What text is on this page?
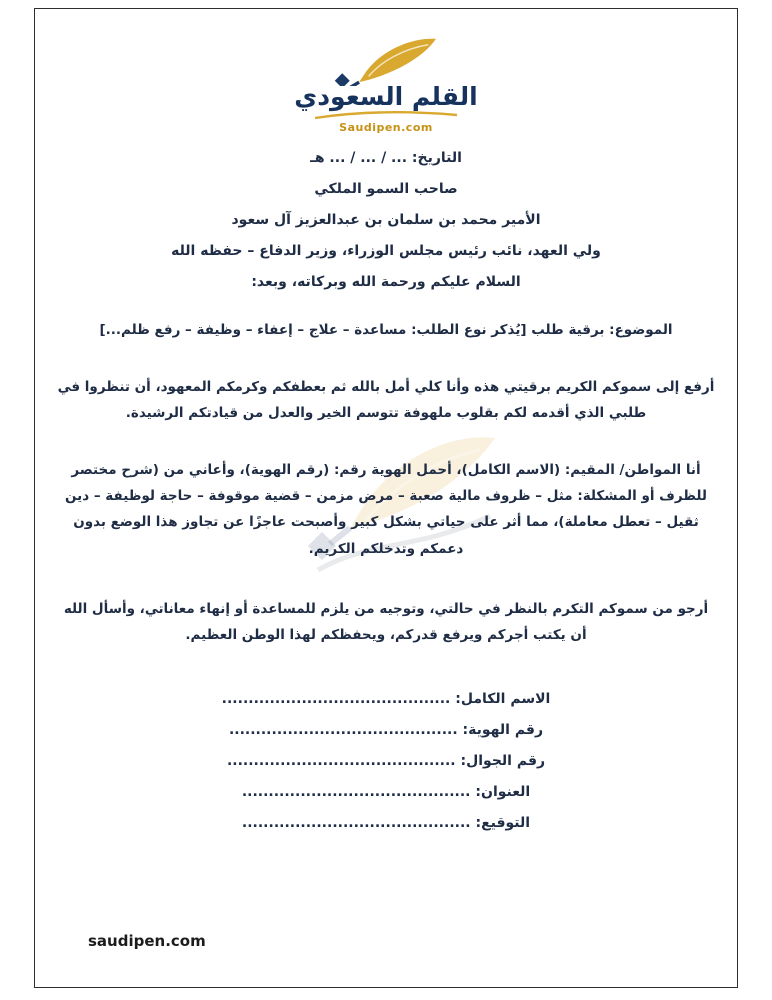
القلم السعودي
Saudipen.com
التاريخ: ... / ... / ... هـ
صاحب السمو الملكي
الأمير محمد بن سلمان بن عبدالعزيز آل سعود
ولي العهد، نائب رئيس مجلس الوزراء، وزير الدفاع – حفظه الله
السلام عليكم ورحمة الله وبركاته، وبعد:
الموضوع: برقية طلب [يُذكر نوع الطلب: مساعدة – علاج – إعفاء – وظيفة – رفع ظلم...]

أرفع إلى سموكم الكريم برقيتي هذه وأنا كلي أمل بالله ثم بعطفكم وكرمكم المعهود، أن تنظروا في طلبي الذي أقدمه لكم بقلوب ملهوفة تتوسم الخير والعدل من قيادتكم الرشيدة.

أنا المواطن/ المقيم: (الاسم الكامل)، أحمل الهوية رقم: (رقم الهوية)، وأعاني من (شرح مختصر للظرف أو المشكلة: مثل – ظروف مالية صعبة – مرض مزمن – قضية موقوفة – حاجة لوظيفة – دين ثقيل – تعطل معاملة)، مما أثر على حياتي بشكل كبير وأصبحت عاجزًا عن تجاوز هذا الوضع بدون دعمكم وتدخلكم الكريم.

أرجو من سموكم التكرم بالنظر في حالتي، وتوجيه من يلزم للمساعدة أو إنهاء معاناتي، وأسأل الله أن يكتب أجركم ويرفع قدركم، ويحفظكم لهذا الوطن العظيم.

الاسم الكامل: ...........................................
رقم الهوية: ...........................................
رقم الجوال: ...........................................
العنوان: ...........................................
التوقيع: ...........................................
saudipen.com
